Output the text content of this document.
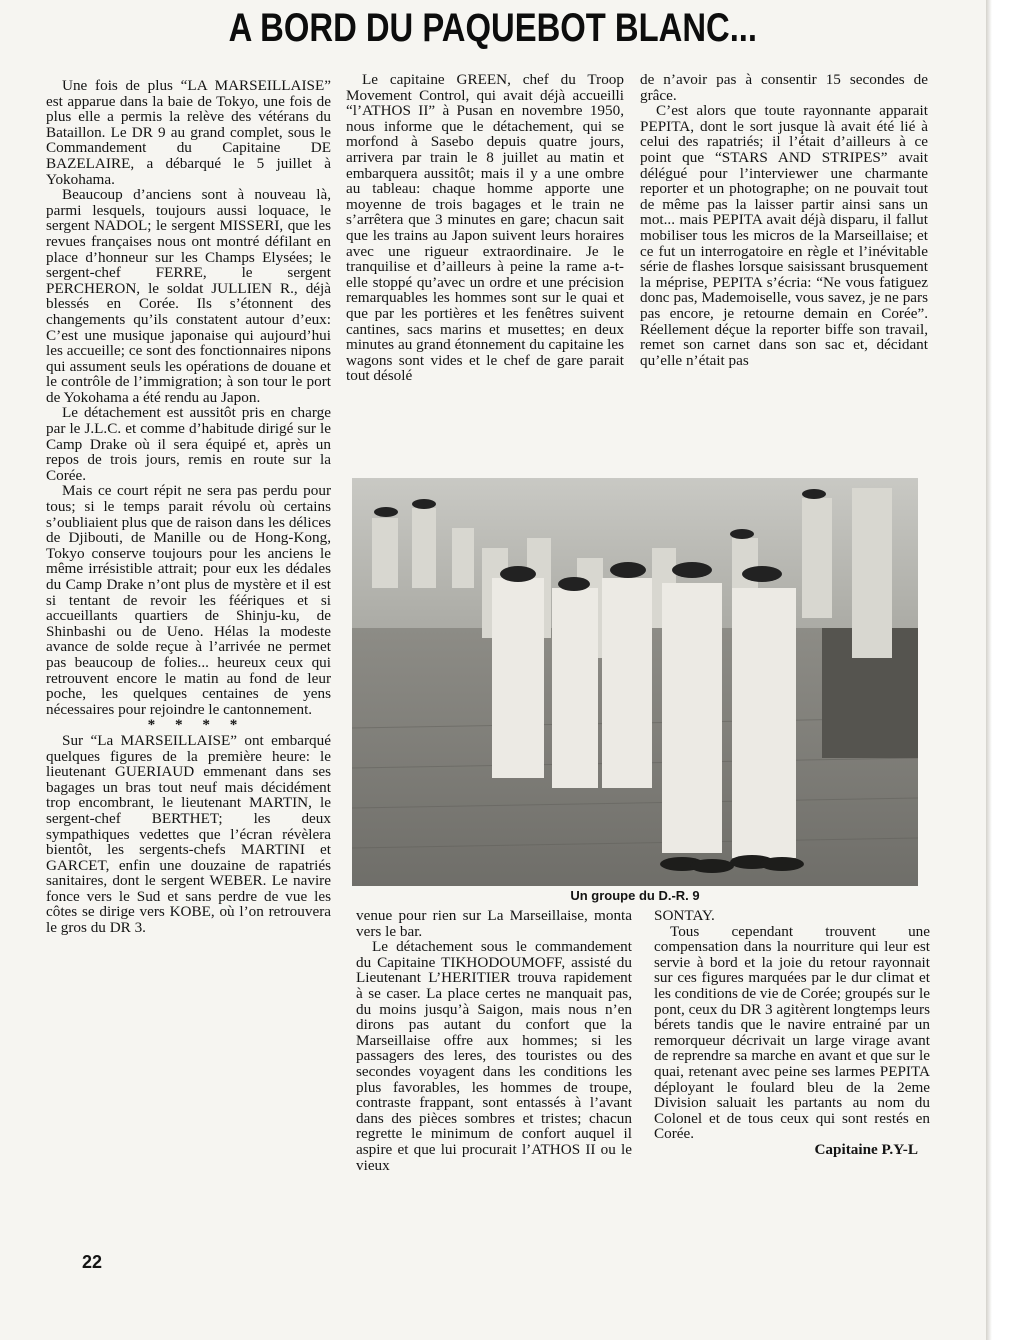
A BORD DU PAQUEBOT BLANC...

Une fois de plus “LA MARSEILLAISE” est apparue dans la baie de Tokyo, une fois de plus elle a permis la relève des vétérans du Bataillon. Le DR 9 au grand complet, sous le Commandement du Capitaine DE BAZELAIRE, a débarqué le 5 juillet à Yokohama.

Beaucoup d’anciens sont à nouveau là, parmi lesquels, toujours aussi loquace, le sergent NADOL; le sergent MISSERI, que les revues françaises nous ont montré défilant en place d’honneur sur les Champs Elysées; le sergent-chef FERRE, le sergent PERCHERON, le soldat JULLIEN R., déjà blessés en Corée. Ils s’étonnent des changements qu’ils constatent autour d’eux: C’est une musique japonaise qui aujourd’hui les accueille; ce sont des fonctionnaires nipons qui assument seuls les opérations de douane et le contrôle de l’immigration; à son tour le port de Yokohama a été rendu au Japon.

Le détachement est aussitôt pris en charge par le J.L.C. et comme d’habitude dirigé sur le Camp Drake où il sera équipé et, après un repos de trois jours, remis en route sur la Corée.

Mais ce court répit ne sera pas perdu pour tous; si le temps parait révolu où certains s’oubliaient plus que de raison dans les délices de Djibouti, de Manille ou de Hong-Kong, Tokyo conserve toujours pour les anciens le même irrésistible attrait; pour eux les dédales du Camp Drake n’ont plus de mystère et il est si tentant de revoir les féériques et si accueillants quartiers de Shinju-ku, de Shinbashi ou de Ueno. Hélas la modeste avance de solde reçue à l’arrivée ne permet pas beaucoup de folies... heureux ceux qui retrouvent encore le matin au fond de leur poche, les quelques centaines de yens nécessaires pour rejoindre le cantonnement.

* * * *

Sur “La MARSEILLAISE” ont embarqué quelques figures de la première heure: le lieutenant GUERIAUD emmenant dans ses bagages un bras tout neuf mais décidément trop encombrant, le lieutenant MARTIN, le sergent-chef BERTHET; les deux sympathiques vedettes que l’écran révèlera bientôt, les sergents-chefs MARTINI et GARCET, enfin une douzaine de rapatriés sanitaires, dont le sergent WEBER. Le navire fonce vers le Sud et sans perdre de vue les côtes se dirige vers KOBE, où l’on retrouvera le gros du DR 3.

Le capitaine GREEN, chef du Troop Movement Control, qui avait déjà accueilli “l’ATHOS II” à Pusan en novembre 1950, nous informe que le détachement, qui se morfond à Sasebo depuis quatre jours, arrivera par train le 8 juillet au matin et embarquera aussitôt; mais il y a une ombre au tableau: chaque homme apporte une moyenne de trois bagages et le train ne s’arrêtera que 3 minutes en gare; chacun sait que les trains au Japon suivent leurs horaires avec une rigueur extraordinaire. Je le tranquilise et d’ailleurs à peine la rame a-t-elle stoppé qu’avec un ordre et une précision remarquables les hommes sont sur le quai et que par les portières et les fenêtres suivent cantines, sacs marins et musettes; en deux minutes au grand étonnement du capitaine les wagons sont vides et le chef de gare parait tout désolé

de n’avoir pas à consentir 15 secondes de grâce.

C’est alors que toute rayonnante apparait PEPITA, dont le sort jusque là avait été lié à celui des rapatriés; il l’était d’ailleurs à ce point que “STARS AND STRIPES” avait délégué pour l’interviewer une charmante reporter et un photographe; on ne pouvait tout de même pas la laisser partir ainsi sans un mot... mais PEPITA avait déjà disparu, il fallut mobiliser tous les micros de la Marseillaise; et ce fut un interrogatoire en règle et l’inévitable série de flashes lorsque saisissant brusquement la méprise, PEPITA s’écria: “Ne vous fatiguez donc pas, Mademoiselle, vous savez, je ne pars pas encore, je retourne demain en Corée”. Réellement déçue la reporter biffe son travail, remet son carnet dans son sac et, décidant qu’elle n’était pas

Un groupe du D.-R. 9

venue pour rien sur La Marseillaise, monta vers le bar.

Le détachement sous le commandement du Capitaine TIKHODOUMOFF, assisté du Lieutenant L’HERITIER trouva rapidement à se caser. La place certes ne manquait pas, du moins jusqu’à Saigon, mais nous n’en dirons pas autant du confort que la Marseillaise offre aux hommes; si les passagers des leres, des touristes ou des secondes voyagent dans les conditions les plus favorables, les hommes de troupe, contraste frappant, sont entassés à l’avant dans des pièces sombres et tristes; chacun regrette le minimum de confort auquel il aspire et que lui procurait l’ATHOS II ou le vieux

SONTAY.

Tous cependant trouvent une compensation dans la nourriture qui leur est servie à bord et la joie du retour rayonnait sur ces figures marquées par le dur climat et les conditions de vie de Corée; groupés sur le pont, ceux du DR 3 agitèrent longtemps leurs bérets tandis que le navire entrainé par un remorqueur décrivait un large virage avant de reprendre sa marche en avant et que sur le quai, retenant avec peine ses larmes PEPITA déployant le foulard bleu de la 2eme Division saluait les partants au nom du Colonel et de tous ceux qui sont restés en Corée.

Capitaine P.Y-L

22
